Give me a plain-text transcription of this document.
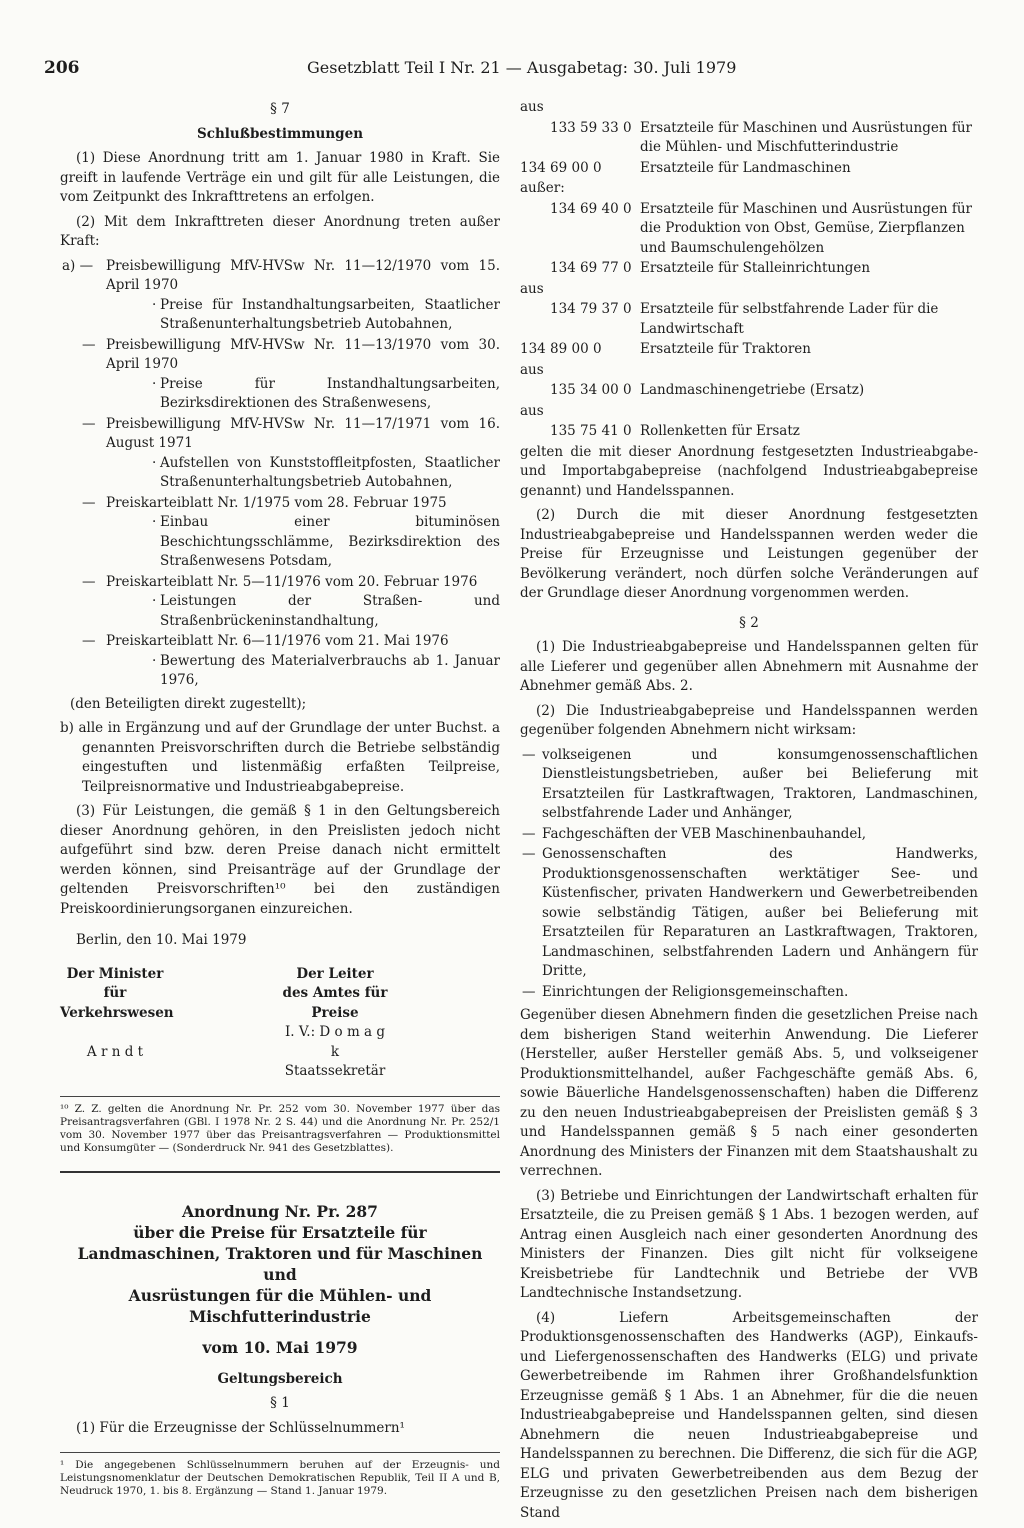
206	Gesetzblatt Teil I Nr. 21 — Ausgabetag: 30. Juli 1979

§ 7

Schlußbestimmungen

(1) Diese Anordnung tritt am 1. Januar 1980 in Kraft. Sie greift in laufende Verträge ein und gilt für alle Leistungen, die vom Zeitpunkt des Inkrafttretens an erfolgen.

(2) Mit dem Inkrafttreten dieser Anordnung treten außer Kraft:

a) — Preisbewilligung MfV-HVSw Nr. 11—12/1970 vom 15. April 1970
· Preise für Instandhaltungsarbeiten, Staatlicher Straßenunterhaltungsbetrieb Autobahnen,
— Preisbewilligung MfV-HVSw Nr. 11—13/1970 vom 30. April 1970
· Preise für Instandhaltungsarbeiten, Bezirksdirektionen des Straßenwesens,
— Preisbewilligung MfV-HVSw Nr. 11—17/1971 vom 16. August 1971
· Aufstellen von Kunststoffleitpfosten, Staatlicher Straßenunterhaltungsbetrieb Autobahnen,
— Preiskarteiblatt Nr. 1/1975 vom 28. Februar 1975
· Einbau einer bituminösen Beschichtungsschlämme, Bezirksdirektion des Straßenwesens Potsdam,
— Preiskarteiblatt Nr. 5—11/1976 vom 20. Februar 1976
· Leistungen der Straßen- und Straßenbrückeninstandhaltung,
— Preiskarteiblatt Nr. 6—11/1976 vom 21. Mai 1976
· Bewertung des Materialverbrauchs ab 1. Januar 1976,

(den Beteiligten direkt zugestellt);

b) alle in Ergänzung und auf der Grundlage der unter Buchst. a genannten Preisvorschriften durch die Betriebe selbständig eingestuften und listenmäßig erfaßten Teilpreise, Teilpreisnormative und Industrieabgabepreise.

(3) Für Leistungen, die gemäß § 1 in den Geltungsbereich dieser Anordnung gehören, in den Preislisten jedoch nicht aufgeführt sind bzw. deren Preise danach nicht ermittelt werden können, sind Preisanträge auf der Grundlage der geltenden Preisvorschriften¹⁰ bei den zuständigen Preiskoordinierungsorganen einzureichen.

Berlin, den 10. Mai 1979

Der Minister
für Verkehrswesen
A r n d t
Der Leiter
des Amtes für Preise
I. V.: D o m a g k
Staatssekretär
¹⁰ Z. Z. gelten die Anordnung Nr. Pr. 252 vom 30. November 1977 über das Preisantragsverfahren (GBl. I 1978 Nr. 2 S. 44) und die Anordnung Nr. Pr. 252/1 vom 30. November 1977 über das Preisantragsverfahren — Produktionsmittel und Konsumgüter — (Sonderdruck Nr. 941 des Gesetzblattes).

Anordnung Nr. Pr. 287

über die Preise für Ersatzteile für

Landmaschinen, Traktoren und für Maschinen und

Ausrüstungen für die Mühlen- und Mischfutterindustrie

vom 10. Mai 1979

Geltungsbereich

§ 1

(1) Für die Erzeugnisse der Schlüsselnummern¹

¹ Die angegebenen Schlüsselnummern beruhen auf der Erzeugnis- und Leistungsnomenklatur der Deutschen Demokratischen Republik, Teil II A und B, Neudruck 1970, 1. bis 8. Ergänzung — Stand 1. Januar 1979.
aus
133 59 33 0 Ersatzteile für Maschinen und Ausrüstungen für die Mühlen- und Mischfutterindustrie
134 69 00 0	Ersatzteile für Landmaschinen
außer:
134 69 40 0 Ersatzteile für Maschinen und Ausrüstungen für die Produktion von Obst, Gemüse, Zierpflanzen und Baumschulengehölzen
134 69 77 0 Ersatzteile für Stalleinrichtungen
aus
134 79 37 0 Ersatzteile für selbstfahrende Lader für die Landwirtschaft
134 89 00 0	Ersatzteile für Traktoren
aus
135 34 00 0 Landmaschinengetriebe (Ersatz)
aus
135 75 41 0 Rollenketten für Ersatz

gelten die mit dieser Anordnung festgesetzten Industrieabgabe- und Importabgabepreise (nachfolgend Industrieabgabepreise genannt) und Handelsspannen.

(2) Durch die mit dieser Anordnung festgesetzten Industrieabgabepreise und Handelsspannen werden weder die Preise für Erzeugnisse und Leistungen gegenüber der Bevölkerung verändert, noch dürfen solche Veränderungen auf der Grundlage dieser Anordnung vorgenommen werden.

§ 2

(1) Die Industrieabgabepreise und Handelsspannen gelten für alle Lieferer und gegenüber allen Abnehmern mit Ausnahme der Abnehmer gemäß Abs. 2.

(2) Die Industrieabgabepreise und Handelsspannen werden gegenüber folgenden Abnehmern nicht wirksam:

— volkseigenen und konsumgenossenschaftlichen Dienstleistungsbetrieben, außer bei Belieferung mit Ersatzteilen für Lastkraftwagen, Traktoren, Landmaschinen, selbstfahrende Lader und Anhänger,
— Fachgeschäften der VEB Maschinenbauhandel,
— Genossenschaften des Handwerks, Produktionsgenossenschaften werktätiger See- und Küstenfischer, privaten Handwerkern und Gewerbetreibenden sowie selbständig Tätigen, außer bei Belieferung mit Ersatzteilen für Reparaturen an Lastkraftwagen, Traktoren, Landmaschinen, selbstfahrenden Ladern und Anhängern für Dritte,
— Einrichtungen der Religionsgemeinschaften.

Gegenüber diesen Abnehmern finden die gesetzlichen Preise nach dem bisherigen Stand weiterhin Anwendung. Die Lieferer (Hersteller, außer Hersteller gemäß Abs. 5, und volkseigener Produktionsmittelhandel, außer Fachgeschäfte gemäß Abs. 6, sowie Bäuerliche Handelsgenossenschaften) haben die Differenz zu den neuen Industrieabgabepreisen der Preislisten gemäß § 3 und Handelsspannen gemäß § 5 nach einer gesonderten Anordnung des Ministers der Finanzen mit dem Staatshaushalt zu verrechnen.

(3) Betriebe und Einrichtungen der Landwirtschaft erhalten für Ersatzteile, die zu Preisen gemäß § 1 Abs. 1 bezogen werden, auf Antrag einen Ausgleich nach einer gesonderten Anordnung des Ministers der Finanzen. Dies gilt nicht für volkseigene Kreisbetriebe für Landtechnik und Betriebe der VVB Landtechnische Instandsetzung.

(4) Liefern Arbeitsgemeinschaften der Produktionsgenossenschaften des Handwerks (AGP), Einkaufs- und Liefergenossenschaften des Handwerks (ELG) und private Gewerbetreibende im Rahmen ihrer Großhandelsfunktion Erzeugnisse gemäß § 1 Abs. 1 an Abnehmer, für die die neuen Industrieabgabepreise und Handelsspannen gelten, sind diesen Abnehmern die neuen Industrieabgabepreise und Handelsspannen zu berechnen. Die Differenz, die sich für die AGP, ELG und privaten Gewerbetreibenden aus dem Bezug der Erzeugnisse zu den gesetzlichen Preisen nach dem bisherigen Stand
